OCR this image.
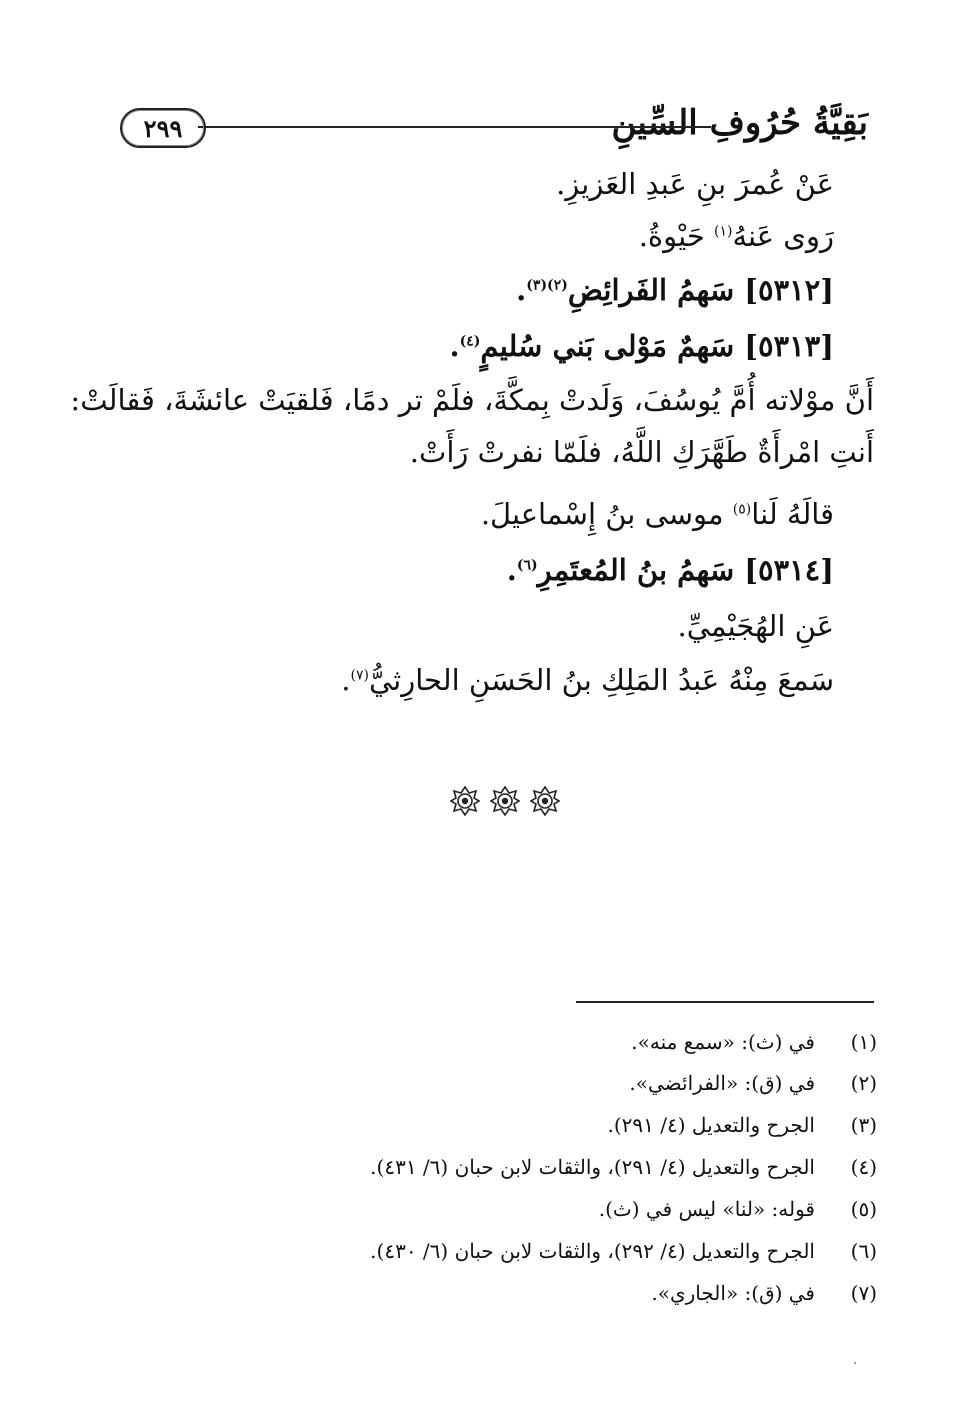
بَقِيَّةُ حُرُوفِ السِّينِ
٢٩٩
عَنْ عُمرَ بنِ عَبدِ العَزيزِ.
رَوى عَنهُ$^{(١)}$ حَيْوةُ.
[٥٣١٢] سَهمُ الفَرائِضِ$^{(٢)(٣)}$.
[٥٣١٣] سَهمٌ مَوْلى بَني سُليمٍ$^{(٤)}$.
أَنَّ موْلاته أُمَّ يُوسُفَ، وَلَدتْ بِمكَّةَ، فلَمْ تر دمًا، فَلقيَتْ عائشَةَ، فَقالَتْ:
أَنتِ امْرأَةٌ طَهَّرَكِ اللَّهُ، فلَمّا نفرتْ رَأَتْ.
قالَهُ لَنا$^{(٥)}$ موسى بنُ إِسْماعيلَ.
[٥٣١٤] سَهمُ بنُ المُعتَمِرِ$^{(٦)}$.
عَنِ الهُجَيْمِيِّ.
سَمعَ مِنْهُ عَبدُ المَلِكِ بنُ الحَسَنِ الحارِثيُّ$^{(٧)}$.
(١)
في (ث): «سمع منه».
(٢)
في (ق): «الفرائضي».
(٣)
الجرح والتعديل (٤/ ٢٩١).
(٤)
الجرح والتعديل (٤/ ٢٩١)، والثقات لابن حبان (٦/ ٤٣١).
(٥)
قوله: «لنا» ليس في (ث).
(٦)
الجرح والتعديل (٤/ ٢٩٢)، والثقات لابن حبان (٦/ ٤٣٠).
(٧)
في (ق): «الجاري».
